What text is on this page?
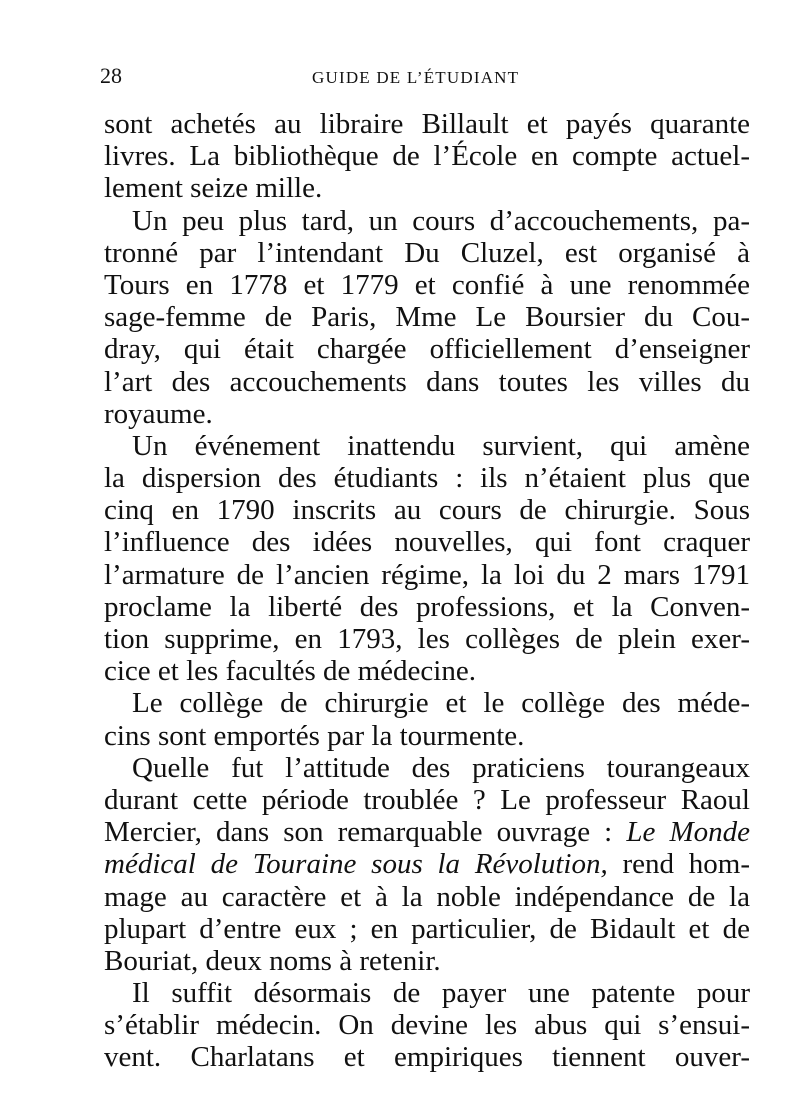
28	GUIDE DE L’ÉTUDIANT
sont achetés au libraire Billault et payés quarante
livres. La bibliothèque de l’École en compte actuel-
lement seize mille.
Un peu plus tard, un cours d’accouchements, pa-
tronné par l’intendant Du Cluzel, est organisé à
Tours en 1778 et 1779 et confié à une renommée
sage-femme de Paris, Mme Le Boursier du Cou-
dray, qui était chargée officiellement d’enseigner
l’art des accouchements dans toutes les villes du
royaume.
Un événement inattendu survient, qui amène
la dispersion des étudiants : ils n’étaient plus que
cinq en 1790 inscrits au cours de chirurgie. Sous
l’influence des idées nouvelles, qui font craquer
l’armature de l’ancien régime, la loi du 2 mars 1791
proclame la liberté des professions, et la Conven-
tion supprime, en 1793, les collèges de plein exer-
cice et les facultés de médecine.
Le collège de chirurgie et le collège des méde-
cins sont emportés par la tourmente.
Quelle fut l’attitude des praticiens tourangeaux
durant cette période troublée ? Le professeur Raoul
Mercier, dans son remarquable ouvrage : Le Monde
médical de Touraine sous la Révolution, rend hom-
mage au caractère et à la noble indépendance de la
plupart d’entre eux ; en particulier, de Bidault et de
Bouriat, deux noms à retenir.
Il suffit désormais de payer une patente pour
s’établir médecin. On devine les abus qui s’ensui-
vent. Charlatans et empiriques tiennent ouver-
